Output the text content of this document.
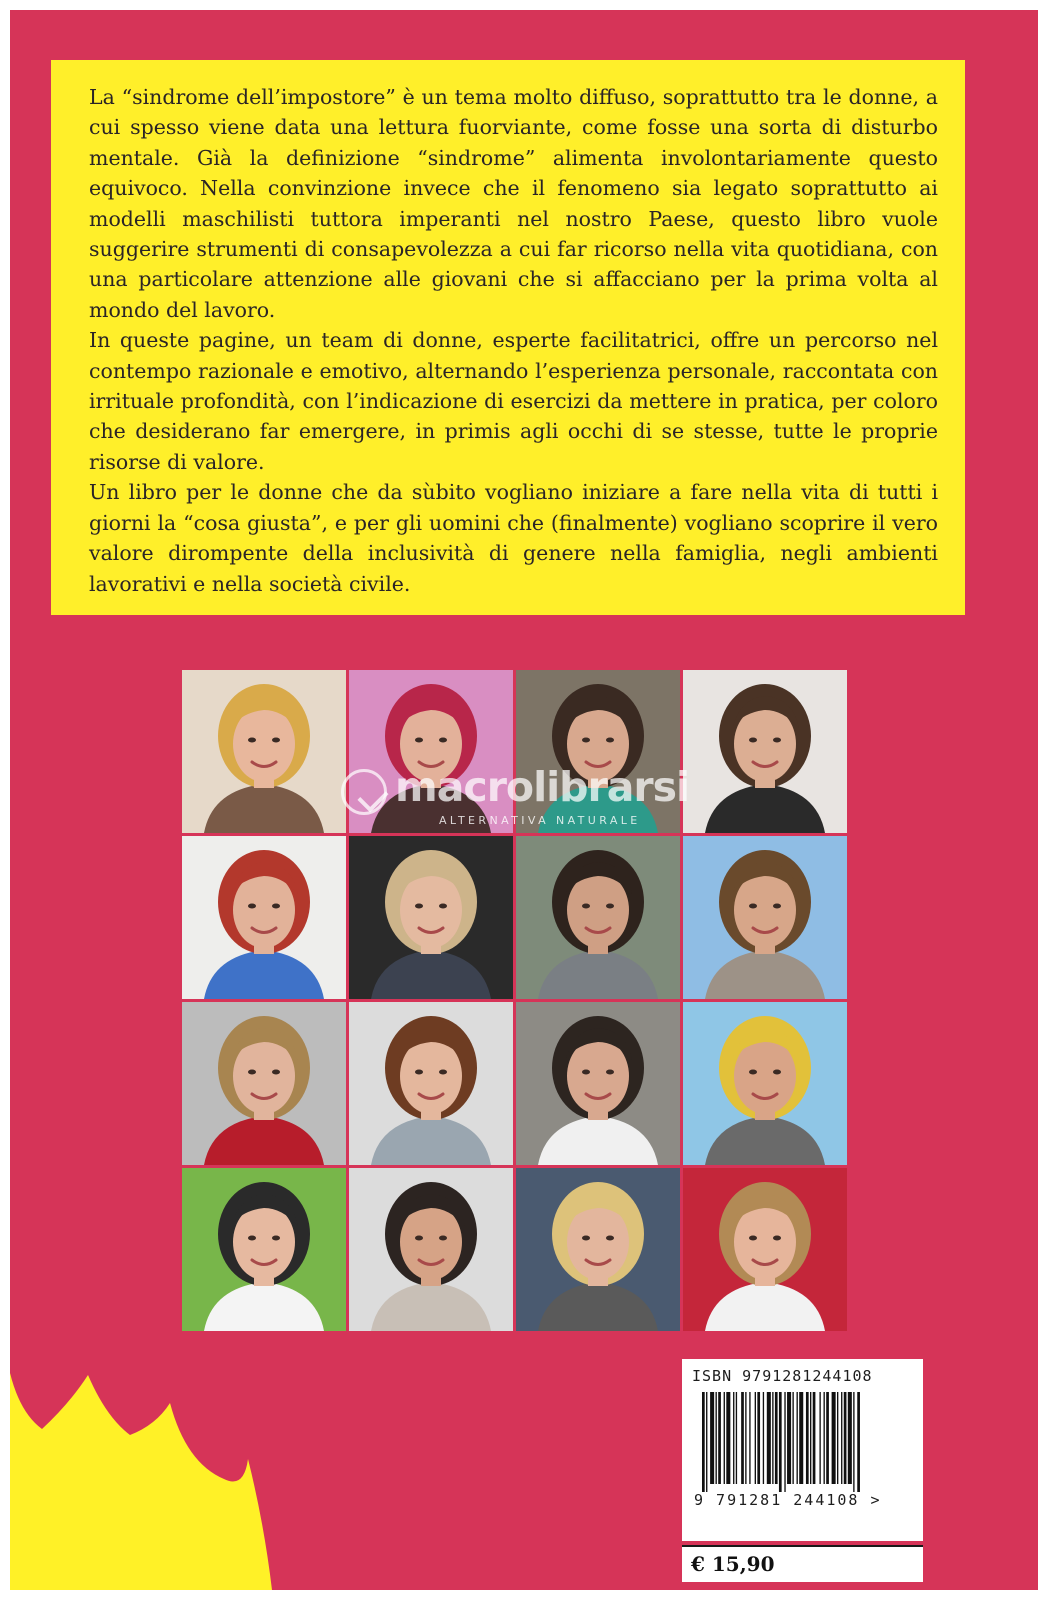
La “sindrome dell’impostore” è un tema molto diffuso, soprattutto tra le donne, a cui spesso viene data una lettura fuorviante, come fosse una sorta di disturbo mentale. Già la definizione “sindrome” alimenta involontariamente questo equivoco. Nella convinzione invece che il fenomeno sia legato soprattutto ai modelli maschilisti tuttora imperanti nel nostro Paese, questo libro vuole suggerire strumenti di consapevolezza a cui far ricorso nella vita quotidiana, con una particolare attenzione alle giovani che si affacciano per la prima volta al mondo del lavoro.

In queste pagine, un team di donne, esperte facilitatrici, offre un percorso nel contempo razionale e emotivo, alternando l’esperienza personale, raccontata con irrituale profondità, con l’indicazione di esercizi da mettere in pratica, per coloro che desiderano far emergere, in primis agli occhi di se stesse, tutte le proprie risorse di valore.

Un libro per le donne che da sùbito vogliano iniziare a fare nella vita di tutti i giorni la “cosa giusta”, e per gli uomini che (finalmente) vogliano scoprire il vero valore dirompente della inclusività di genere nella famiglia, negli ambienti lavorativi e nella società civile.

macrolibrarsi
ALTERNATIVA NATURALE
ISBN 9791281244108
9 791281 244108 >
€ 15,90
